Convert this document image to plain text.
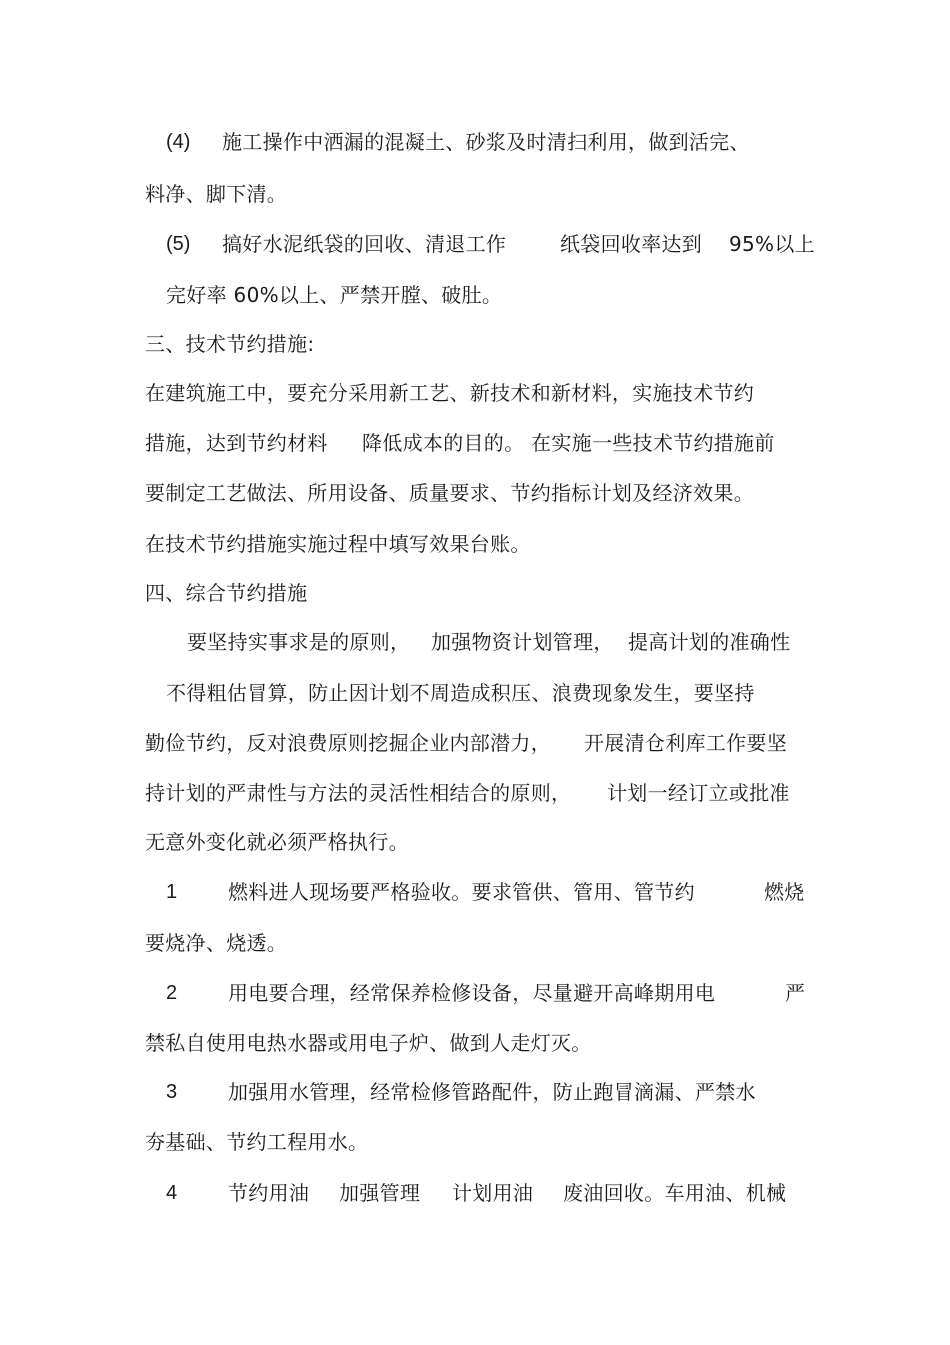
(4) 施工操作中洒漏的混凝土、砂浆及时清扫利用，做到活完、
料净、脚下清。
(5) 搞好水泥纸袋的回收、清退工作	纸袋回收率达到 95%以上
完好率 60%以上、严禁开膛、破肚。
三、技术节约措施:
在建筑施工中，要充分采用新工艺、新技术和新材料，实施技术节约
措施，达到节约材料 降低成本的目的。 在实施一些技术节约措施前
要制定工艺做法、所用设备、质量要求、节约指标计划及经济效果。
在技术节约措施实施过程中填写效果台账。
四、综合节约措施
要坚持实事求是的原则， 加强物资计划管理， 提高计划的准确性
不得粗估冒算，防止因计划不周造成积压、浪费现象发生，要坚持
勤俭节约，反对浪费原则挖掘企业内部潜力， 开展清仓利库工作要坚
持计划的严肃性与方法的灵活性相结合的原则， 计划一经订立或批准
无意外变化就必须严格执行。
1	燃料进人现场要严格验收。要求管供、管用、管节约	燃烧
要烧净、烧透。
2	用电要合理，经常保养检修设备，尽量避开高峰期用电	严
禁私自使用电热水器或用电子炉、做到人走灯灭。
3	加强用水管理，经常检修管路配件，防止跑冒滴漏、严禁水
夯基础、节约工程用水。
4	节约用油 加强管理 计划用油 废油回收。车用油、机械
